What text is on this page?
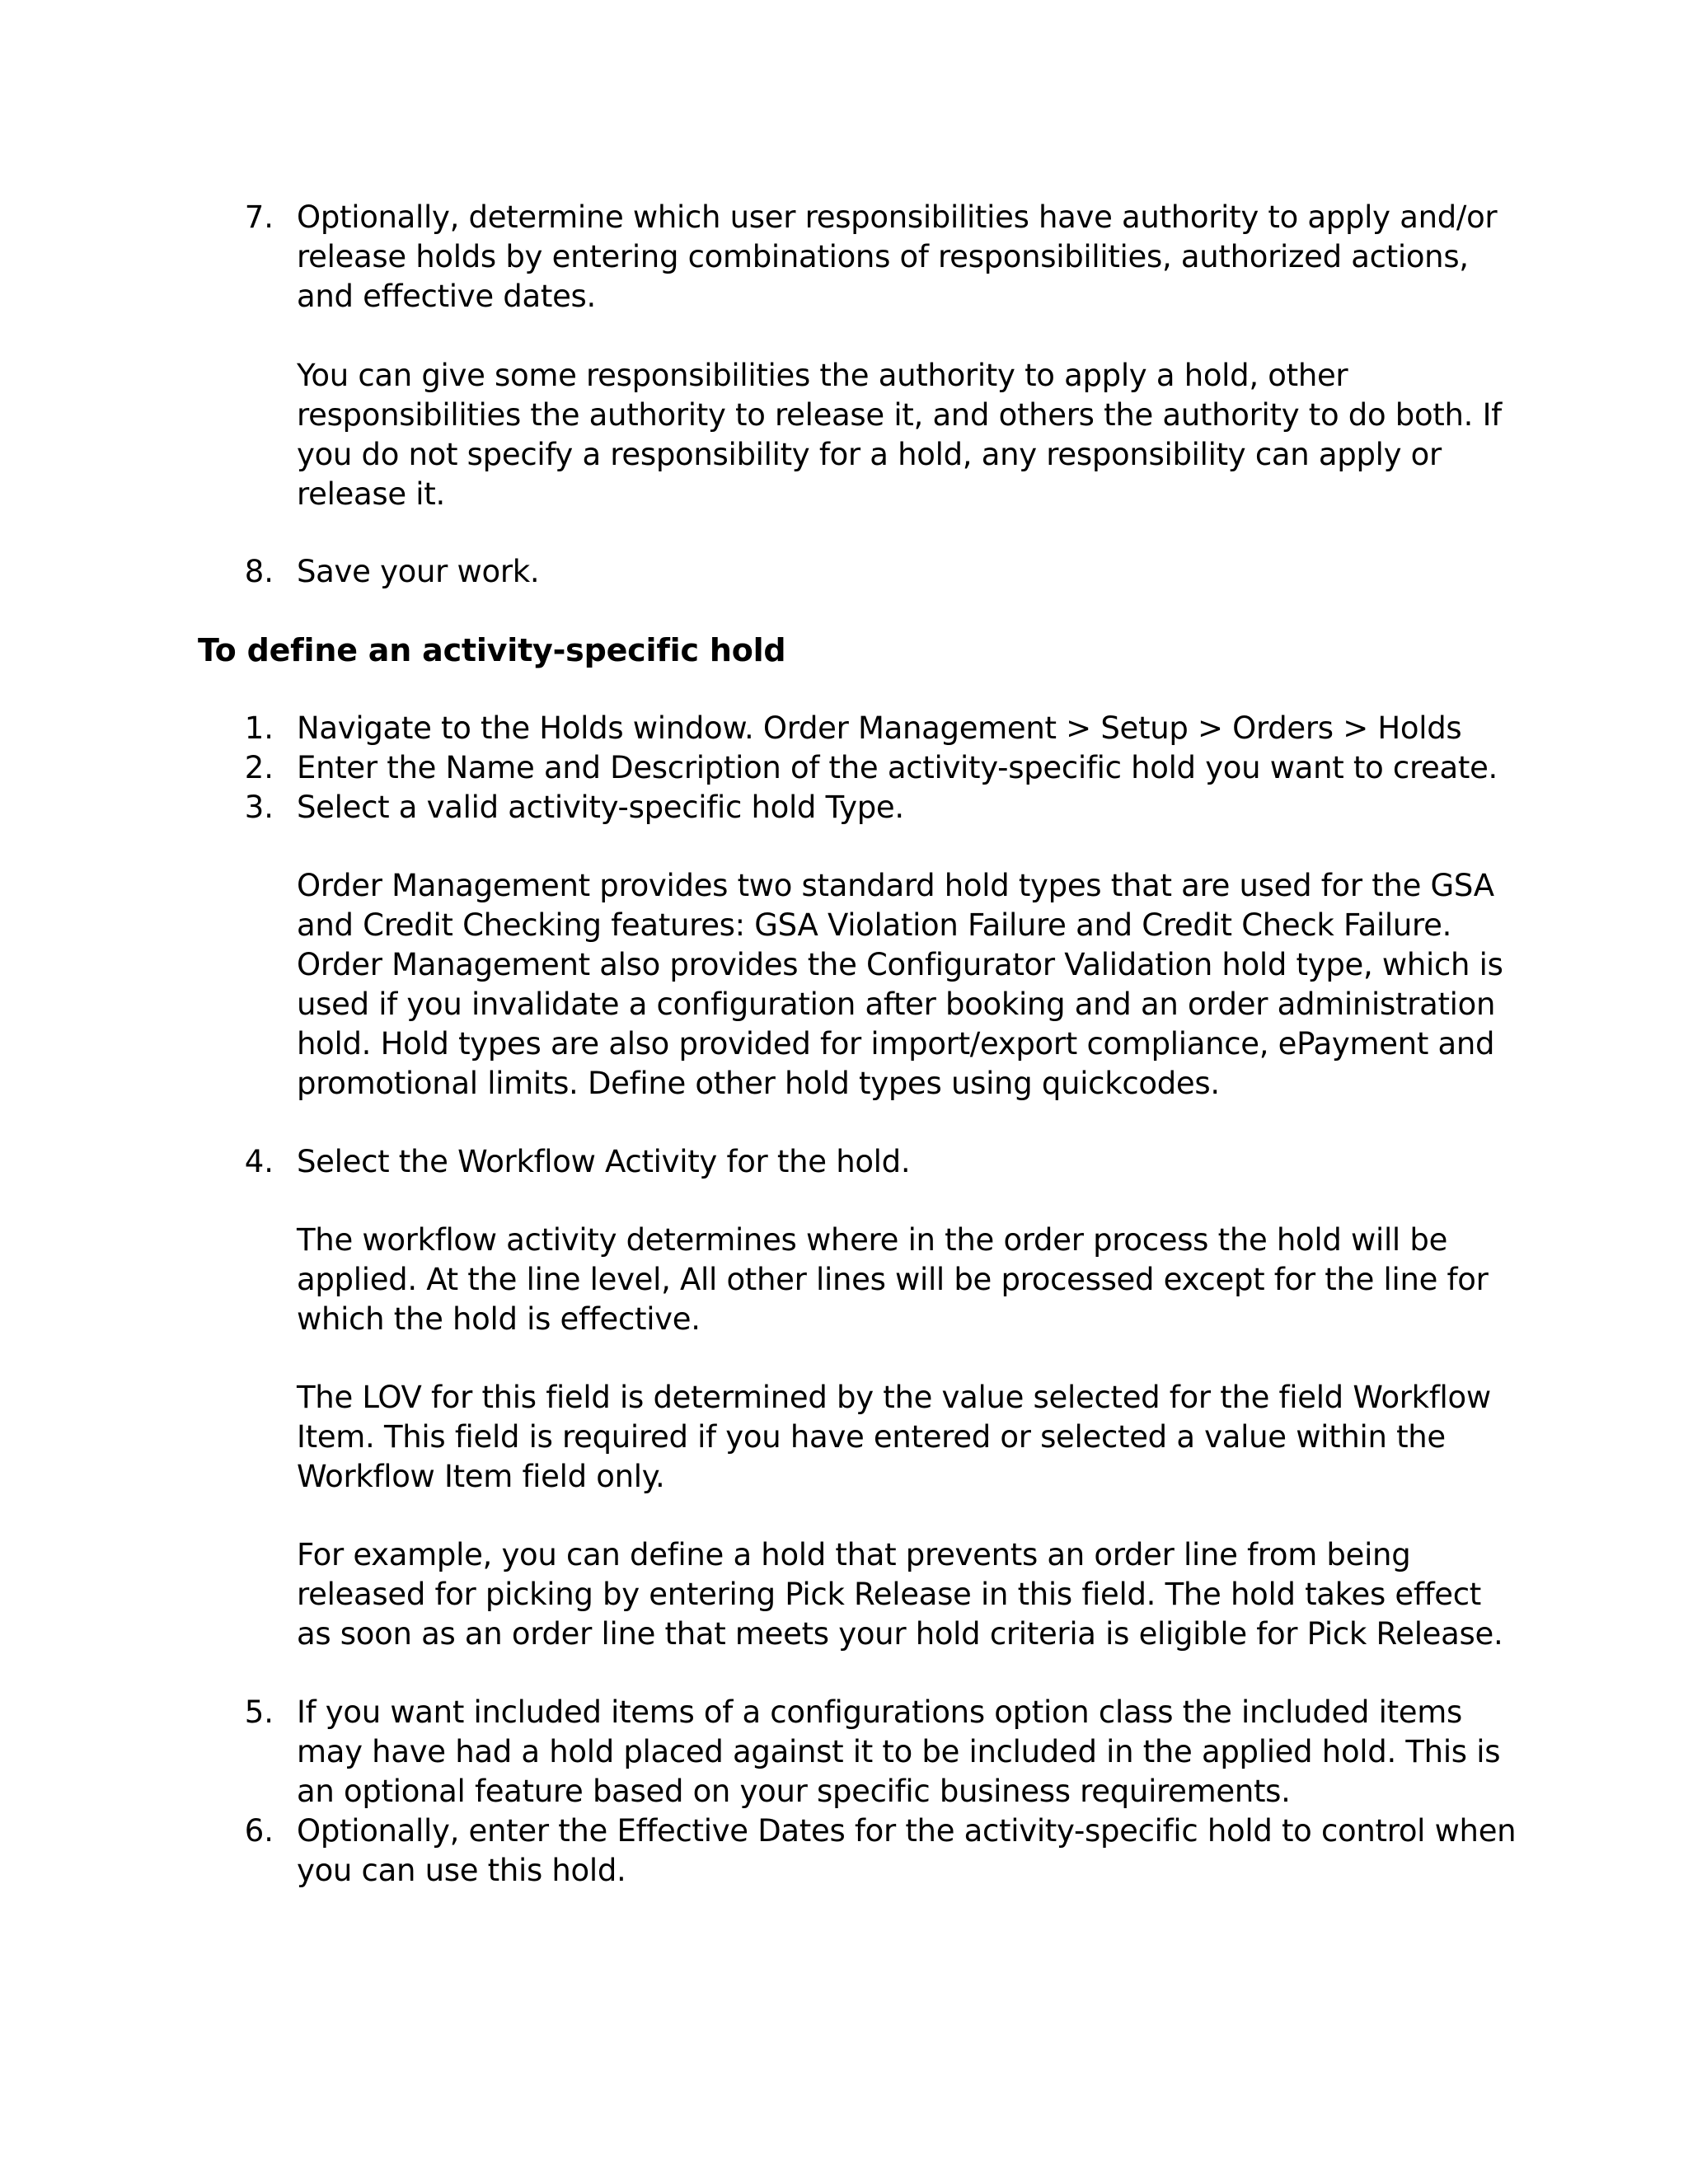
7. Optionally, determine which user responsibilities have authority to apply and/or
release holds by entering combinations of responsibilities, authorized actions,
and effective dates.
You can give some responsibilities the authority to apply a hold, other
responsibilities the authority to release it, and others the authority to do both. If
you do not specify a responsibility for a hold, any responsibility can apply or
release it.
8. Save your work.
To define an activity-specific hold
1. Navigate to the Holds window. Order Management > Setup > Orders > Holds
2. Enter the Name and Description of the activity-specific hold you want to create.
3. Select a valid activity-specific hold Type.
Order Management provides two standard hold types that are used for the GSA
and Credit Checking features: GSA Violation Failure and Credit Check Failure.
Order Management also provides the Configurator Validation hold type, which is
used if you invalidate a configuration after booking and an order administration
hold. Hold types are also provided for import/export compliance, ePayment and
promotional limits. Define other hold types using quickcodes.
4. Select the Workflow Activity for the hold.
The workflow activity determines where in the order process the hold will be
applied. At the line level, All other lines will be processed except for the line for
which the hold is effective.
The LOV for this field is determined by the value selected for the field Workflow
Item. This field is required if you have entered or selected a value within the
Workflow Item field only.
For example, you can define a hold that prevents an order line from being
released for picking by entering Pick Release in this field. The hold takes effect
as soon as an order line that meets your hold criteria is eligible for Pick Release.
5. If you want included items of a configurations option class the included items
may have had a hold placed against it to be included in the applied hold. This is
an optional feature based on your specific business requirements.
6. Optionally, enter the Effective Dates for the activity-specific hold to control when
you can use this hold.
